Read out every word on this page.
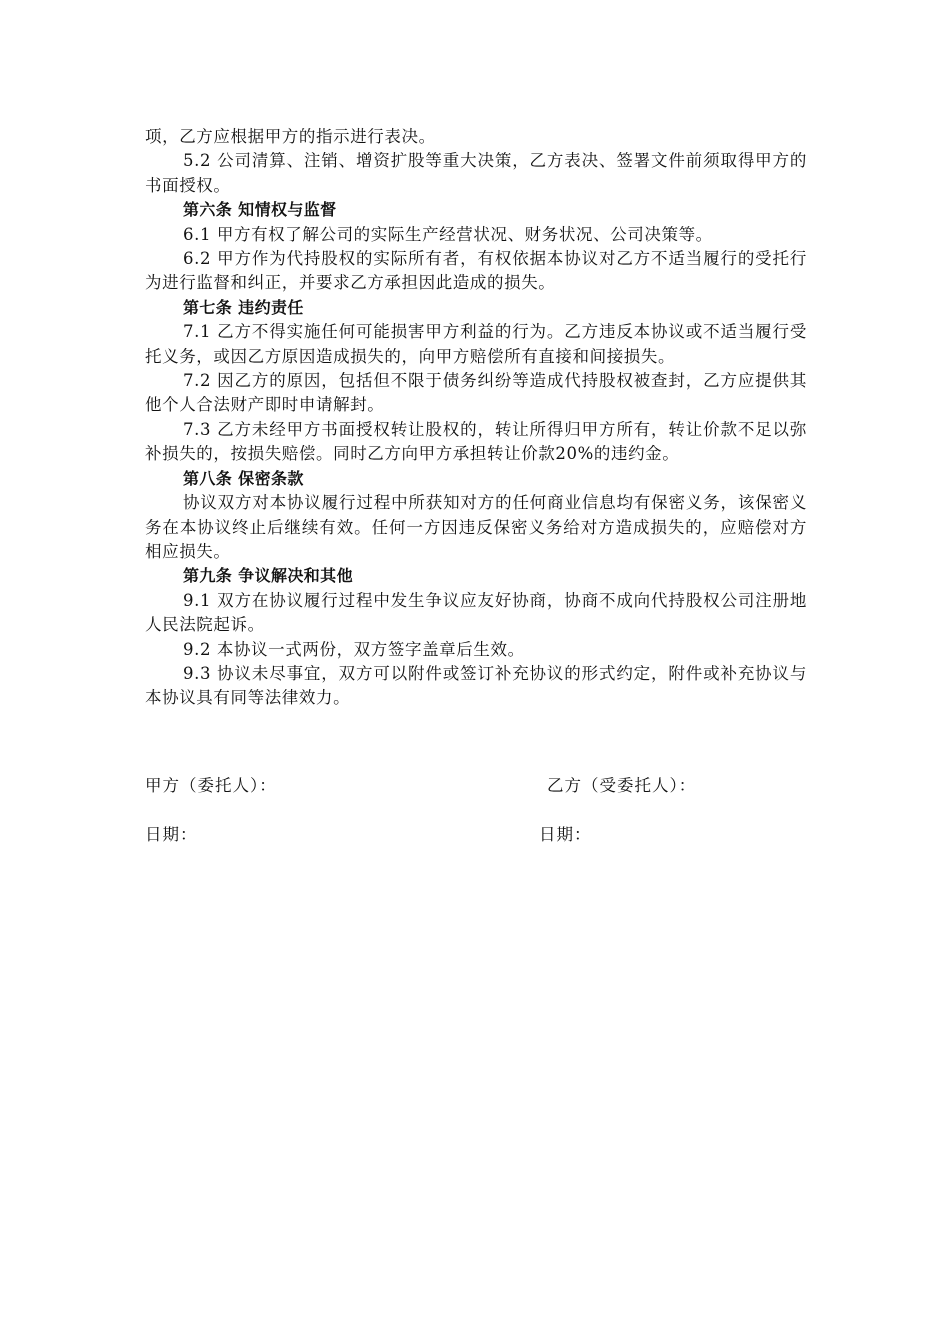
项，乙方应根据甲方的指示进行表决。

5.2 公司清算、注销、增资扩股等重大决策，乙方表决、签署文件前须取得甲方的书面授权。

第六条 知情权与监督

6.1 甲方有权了解公司的实际生产经营状况、财务状况、公司决策等。

6.2 甲方作为代持股权的实际所有者，有权依据本协议对乙方不适当履行的受托行为进行监督和纠正，并要求乙方承担因此造成的损失。

第七条 违约责任

7.1 乙方不得实施任何可能损害甲方利益的行为。乙方违反本协议或不适当履行受托义务，或因乙方原因造成损失的，向甲方赔偿所有直接和间接损失。

7.2 因乙方的原因，包括但不限于债务纠纷等造成代持股权被查封，乙方应提供其他个人合法财产即时申请解封。

7.3 乙方未经甲方书面授权转让股权的，转让所得归甲方所有，转让价款不足以弥补损失的，按损失赔偿。同时乙方向甲方承担转让价款20%的违约金。

第八条 保密条款

协议双方对本协议履行过程中所获知对方的任何商业信息均有保密义务，该保密义务在本协议终止后继续有效。任何一方因违反保密义务给对方造成损失的，应赔偿对方相应损失。

第九条 争议解决和其他

9.1 双方在协议履行过程中发生争议应友好协商，协商不成向代持股权公司注册地人民法院起诉。

9.2 本协议一式两份，双方签字盖章后生效。

9.3 协议未尽事宜，双方可以附件或签订补充协议的形式约定，附件或补充协议与本协议具有同等法律效力。

甲方（委托人）：	乙方（受委托人）：
日期：	日期：
